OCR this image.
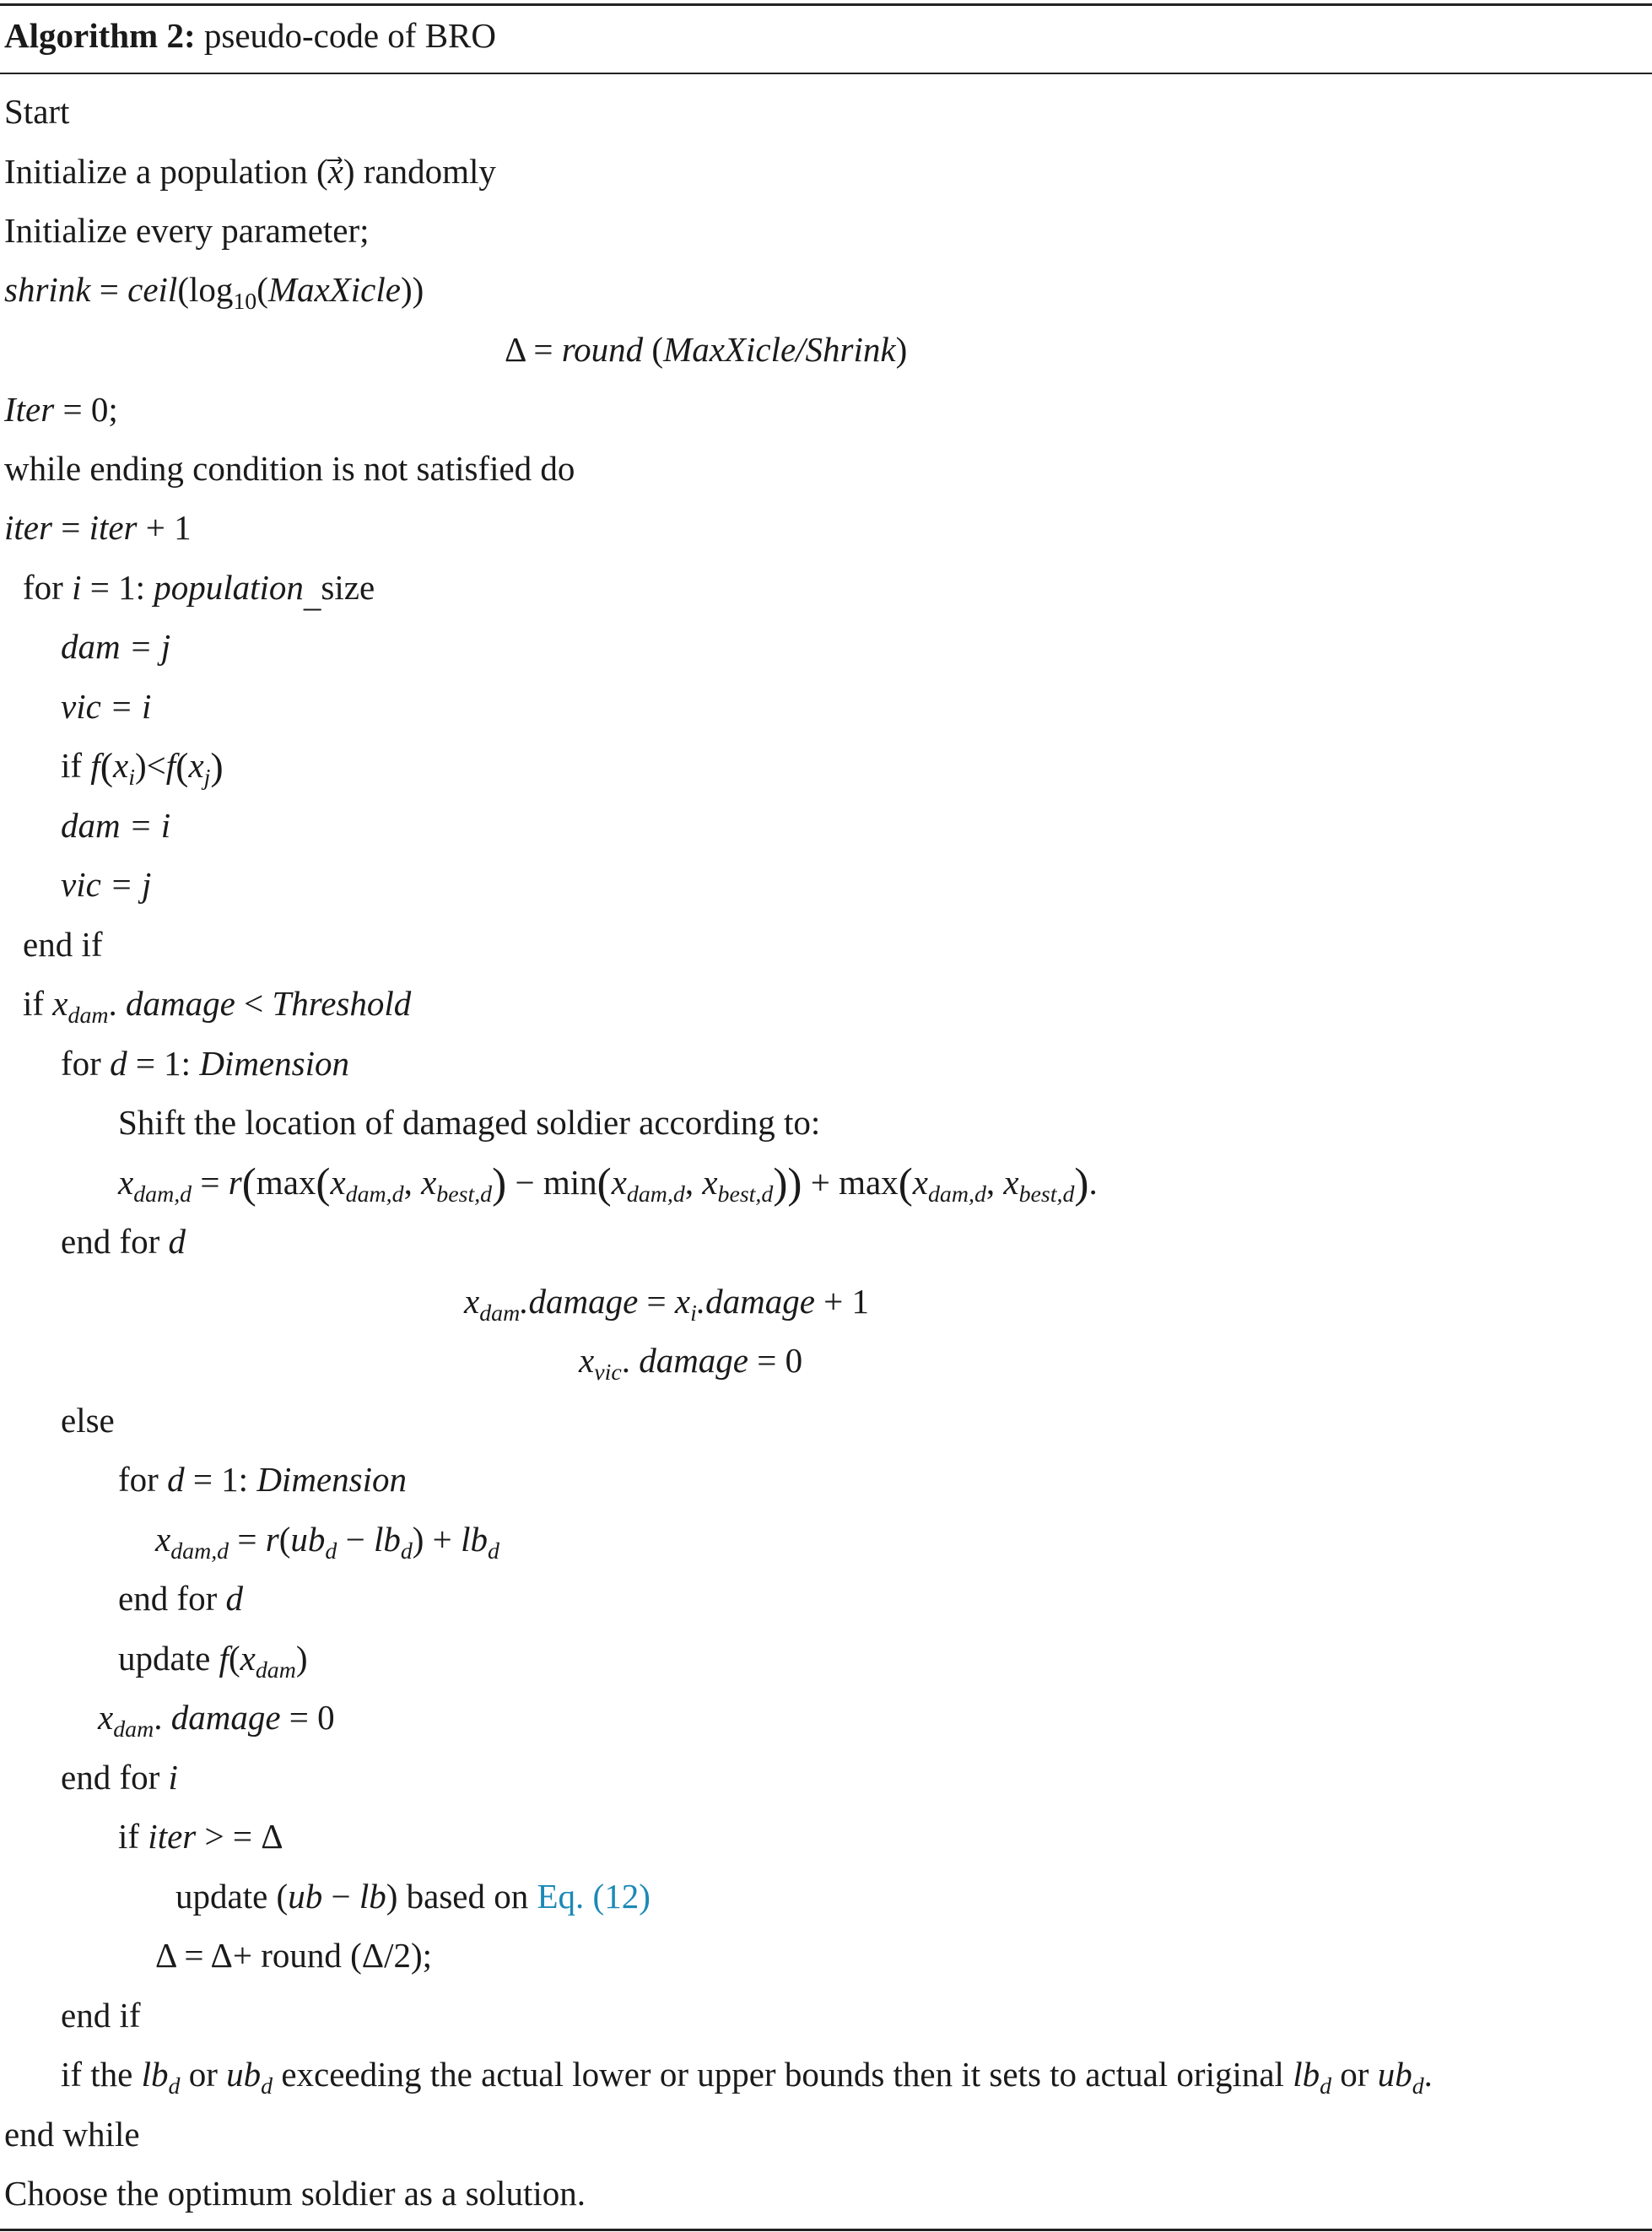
Algorithm 2: pseudo-code of BRO
Start
Initialize a population (x) randomly
Initialize every parameter;
shrink = $ceil(\log_{10}(MaxXicle))$
Δ = round (MaxXicle/Shrink)
Iter = 0;
while ending condition is not satisfied do
iter = iter + 1
for i = 1: population_size
dam = j
vic = i
if $f(x_i)<f(x_j)$
dam = i
vic = j
end if
if $x_{dam}$. damage < Threshold
for d = 1: Dimension
Shift the location of damaged soldier according to:
$x_{dam,d} = r(\max(x_{dam,d}$, $x_{best,d}) - \min(x_{dam,d}$, $x_{best,d})) + \max(x_{dam,d}$, $x_{best,d}$).
end for d
$x_{dam}.damage$ = $x_i.damage + 1$
$x_{vic}$. damage = 0
else
for d = 1: Dimension
$x_{dam,d} = r(ub_d - lb_d) + lb_d$
end for d
update $f(x_{dam})$
$x_{dam}$. damage = 0
end for i
if iter > = Δ
update (ub − lb) based on Eq. (12)
Δ = Δ+ round (Δ/2);
end if
if the $lb_d$ or $ub_d$ exceeding the actual lower or upper bounds then it sets to actual original $lb_d$ or $ub_d$.
end while
Choose the optimum soldier as a solution.
